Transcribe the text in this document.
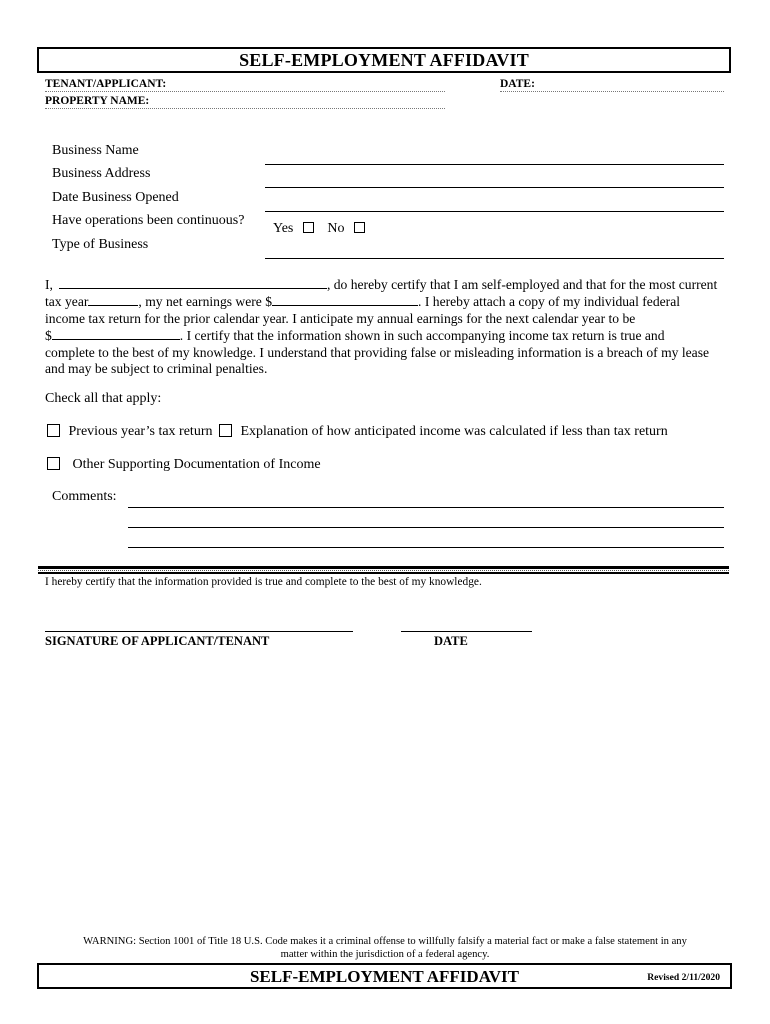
SELF-EMPLOYMENT AFFIDAVIT
TENANT/APPLICANT:	DATE:
PROPERTY NAME:
Business Name
Business Address
Date Business Opened
Have operations been continuous?
Yes No
Type of Business
I,	, do hereby certify that I am self-employed and that for the most current
tax year	, my net earnings were $	. I hereby attach a copy of my individual federal
income tax return for the prior calendar year. I anticipate my annual earnings for the next calendar year to be
$	. I certify that the information shown in such accompanying income tax return is true and
complete to the best of my knowledge. I understand that providing false or misleading information is a breach of my lease
and may be subject to criminal penalties.
Check all that apply:
Previous year’s tax return Explanation of how anticipated income was calculated if less than tax return
Other Supporting Documentation of Income
Comments:
I hereby certify that the information provided is true and complete to the best of my knowledge.
SIGNATURE OF APPLICANT/TENANT	DATE
WARNING: Section 1001 of Title 18 U.S. Code makes it a criminal offense to willfully falsify a material fact or make a false statement in any
matter within the jurisdiction of a federal agency.
SELF-EMPLOYMENT AFFIDAVIT	Revised 2/11/2020
